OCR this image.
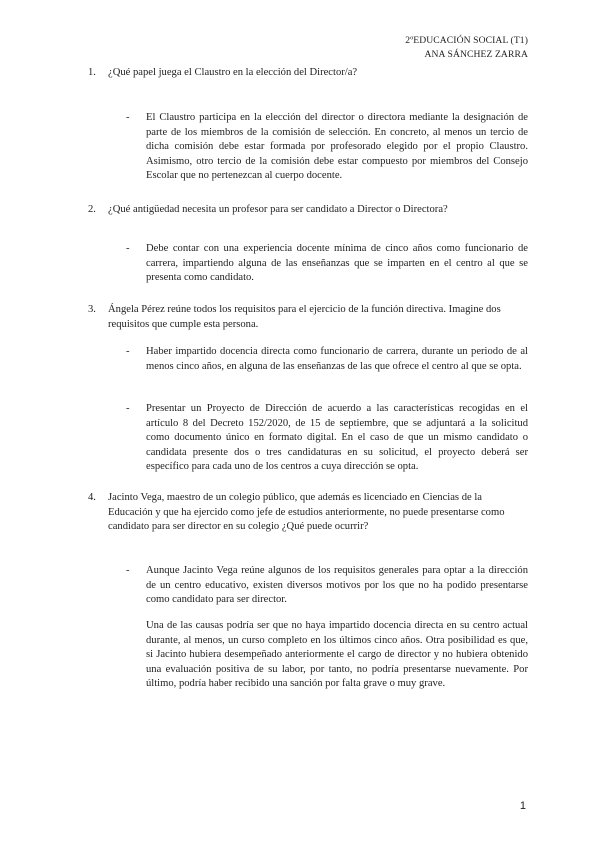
2ºEDUCACIÓN SOCIAL (T1)
ANA SÁNCHEZ ZARRA
1. ¿Qué papel juega el Claustro en la elección del Director/a?
- El Claustro participa en la elección del director o directora mediante la designación de parte de los miembros de la comisión de selección. En concreto, al menos un tercio de dicha comisión debe estar formada por profesorado elegido por el propio Claustro. Asimismo, otro tercio de la comisión debe estar compuesto por miembros del Consejo Escolar que no pertenezcan al cuerpo docente.
2. ¿Qué antigüedad necesita un profesor para ser candidato a Director o Directora?
- Debe contar con una experiencia docente mínima de cinco años como funcionario de carrera, impartiendo alguna de las enseñanzas que se imparten en el centro al que se presenta como candidato.
3. Ángela Pérez reúne todos los requisitos para el ejercicio de la función directiva. Imagine dos requisitos que cumple esta persona.
- Haber impartido docencia directa como funcionario de carrera, durante un periodo de al menos cinco años, en alguna de las enseñanzas de las que ofrece el centro al que se opta.
- Presentar un Proyecto de Dirección de acuerdo a las características recogidas en el artículo 8 del Decreto 152/2020, de 15 de septiembre, que se adjuntará a la solicitud como documento único en formato digital. En el caso de que un mismo candidato o candidata presente dos o tres candidaturas en su solicitud, el proyecto deberá ser específico para cada uno de los centros a cuya dirección se opta.
4. Jacinto Vega, maestro de un colegio público, que además es licenciado en Ciencias de la Educación y que ha ejercido como jefe de estudios anteriormente, no puede presentarse como candidato para ser director en su colegio ¿Qué puede ocurrir?
- Aunque Jacinto Vega reúne algunos de los requisitos generales para optar a la dirección de un centro educativo, existen diversos motivos por los que no ha podido presentarse como candidato para ser director.
Una de las causas podría ser que no haya impartido docencia directa en su centro actual durante, al menos, un curso completo en los últimos cinco años. Otra posibilidad es que, si Jacinto hubiera desempeñado anteriormente el cargo de director y no hubiera obtenido una evaluación positiva de su labor, por tanto, no podría presentarse nuevamente. Por último, podría haber recibido una sanción por falta grave o muy grave.
1
